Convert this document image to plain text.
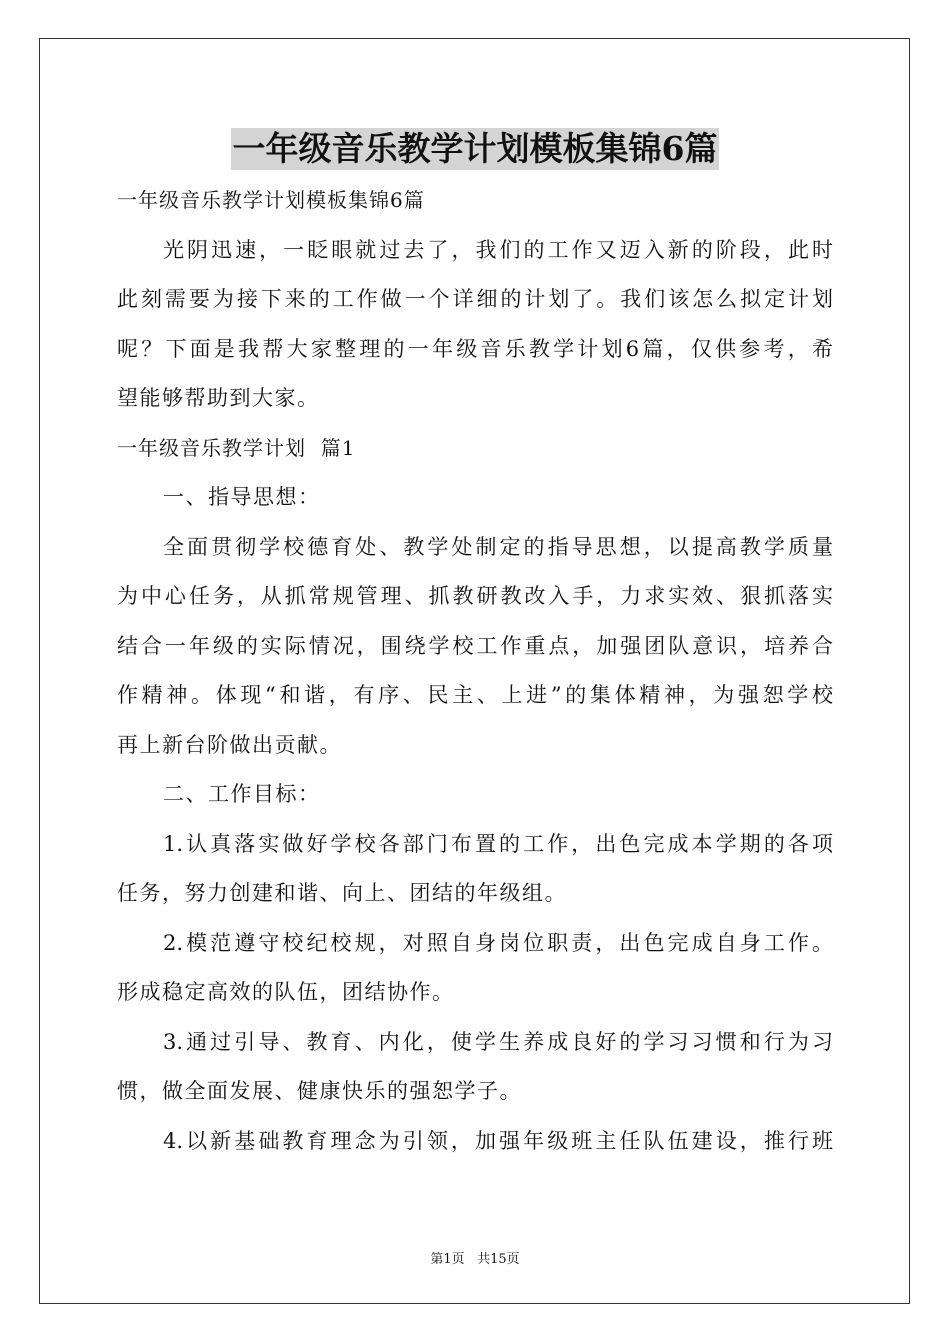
一年级音乐教学计划模板集锦6篇
一年级音乐教学计划模板集锦6篇
光阴迅速，一眨眼就过去了，我们的工作又迈入新的阶段，此时
此刻需要为接下来的工作做一个详细的计划了。我们该怎么拟定计划
呢？下面是我帮大家整理的一年级音乐教学计划6篇，仅供参考，希
望能够帮助到大家。
一年级音乐教学计划  篇1
一、指导思想：
全面贯彻学校德育处、教学处制定的指导思想，以提高教学质量
为中心任务，从抓常规管理、抓教研教改入手，力求实效、狠抓落实
结合一年级的实际情况，围绕学校工作重点，加强团队意识，培养合
作精神。体现“和谐，有序、民主、上进”的集体精神，为强恕学校
再上新台阶做出贡献。
二、工作目标：
1.认真落实做好学校各部门布置的工作，出色完成本学期的各项
任务，努力创建和谐、向上、团结的年级组。
2.模范遵守校纪校规，对照自身岗位职责，出色完成自身工作。
形成稳定高效的队伍，团结协作。
3.通过引导、教育、内化，使学生养成良好的学习习惯和行为习
惯，做全面发展、健康快乐的强恕学子。
4.以新基础教育理念为引领，加强年级班主任队伍建设，推行班
第1页 共15页
